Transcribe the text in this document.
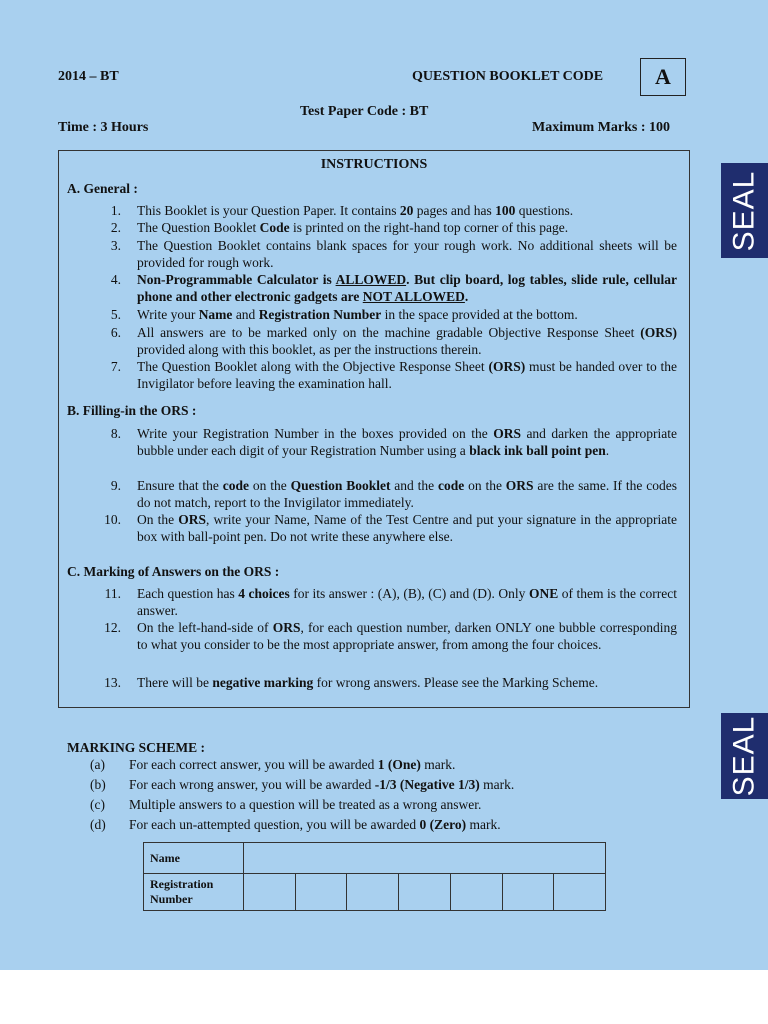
2014 – BT	QUESTION BOOKLET CODE	A
Test Paper Code : BT
Time : 3 Hours	Maximum Marks : 100
INSTRUCTIONS
A. General :
1. This Booklet is your Question Paper. It contains 20 pages and has 100 questions.
2. The Question Booklet Code is printed on the right-hand top corner of this page.
3. The Question Booklet contains blank spaces for your rough work. No additional sheets will be provided for rough work.
4. Non-Programmable Calculator is ALLOWED. But clip board, log tables, slide rule, cellular phone and other electronic gadgets are NOT ALLOWED.
5. Write your Name and Registration Number in the space provided at the bottom.
6. All answers are to be marked only on the machine gradable Objective Response Sheet (ORS) provided along with this booklet, as per the instructions therein.
7. The Question Booklet along with the Objective Response Sheet (ORS) must be handed over to the Invigilator before leaving the examination hall.
B. Filling-in the ORS :
8. Write your Registration Number in the boxes provided on the ORS and darken the appropriate bubble under each digit of your Registration Number using a black ink ball point pen.
9. Ensure that the code on the Question Booklet and the code on the ORS are the same. If the codes do not match, report to the Invigilator immediately.
10. On the ORS, write your Name, Name of the Test Centre and put your signature in the appropriate box with ball-point pen. Do not write these anywhere else.
C. Marking of Answers on the ORS :
11. Each question has 4 choices for its answer : (A), (B), (C) and (D). Only ONE of them is the correct answer.
12. On the left-hand-side of ORS, for each question number, darken ONLY one bubble corresponding to what you consider to be the most appropriate answer, from among the four choices.
13. There will be negative marking for wrong answers. Please see the Marking Scheme.
SEAL
SEAL
MARKING SCHEME :
(a) For each correct answer, you will be awarded 1 (One) mark.
(b) For each wrong answer, you will be awarded -1/3 (Negative 1/3) mark.
(c) Multiple answers to a question will be treated as a wrong answer.
(d) For each un-attempted question, you will be awarded 0 (Zero) mark.
Name							
Registration Number							
